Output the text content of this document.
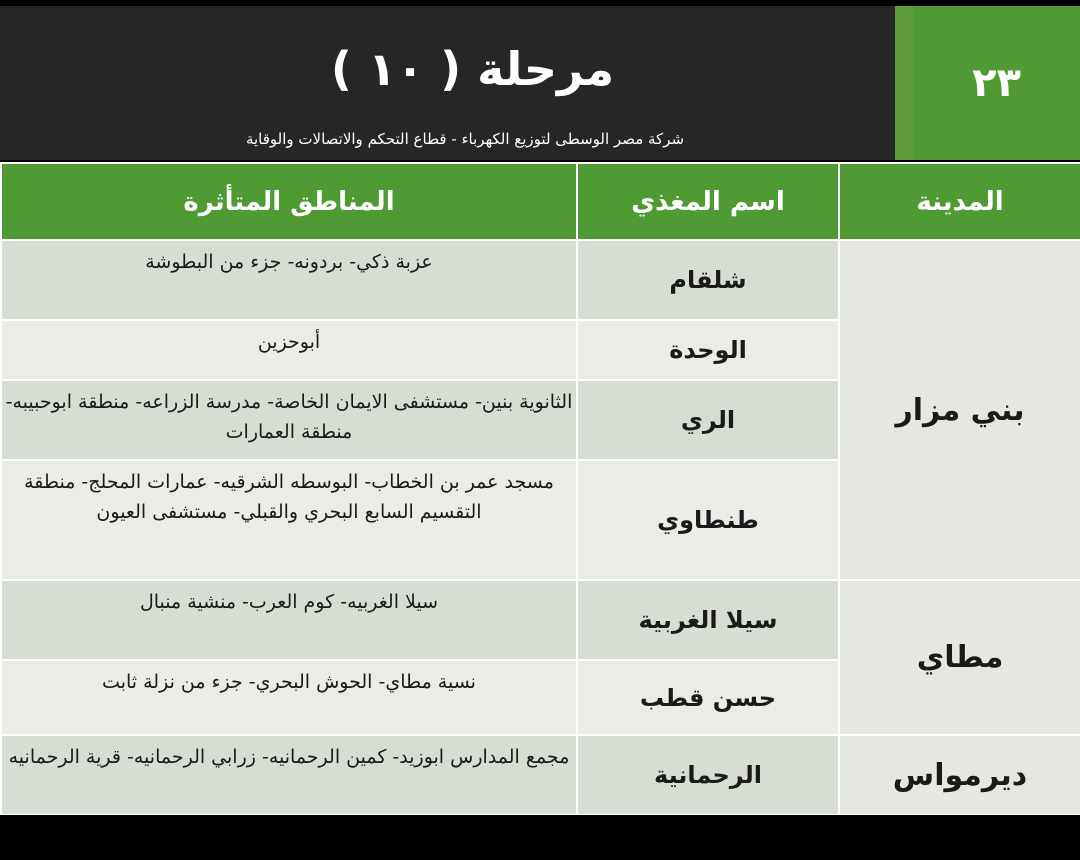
مرحلة ( ١٠ )
شركة مصر الوسطى لتوزيع الكهرباء - قطاع التحكم والاتصالات والوقاية
٢٣
المدينة	اسم المغذي	المناطق المتأثرة
بني مزار	شلقام	عزبة ذكي- بردونه- جزء من البطوشة
	الوحدة	أبوحزين
	الري	الثانوية بنين- مستشفى الايمان الخاصة- مدرسة الزراعه- منطقة ابوحبيبه- منطقة العمارات
	طنطاوي	مسجد عمر بن الخطاب- البوسطه الشرقيه- عمارات المحلج- منطقة التقسيم السابع البحري والقبلي- مستشفى العيون
مطاي	سيلا الغربية	سيلا الغربيه- كوم العرب- منشية منبال
	حسن قطب	نسية مطاي- الحوش البحري- جزء من نزلة ثابت
ديرمواس	الرحمانية	مجمع المدارس ابوزيد- كمين الرحمانيه- زرابي الرحمانيه- قرية الرحمانيه
